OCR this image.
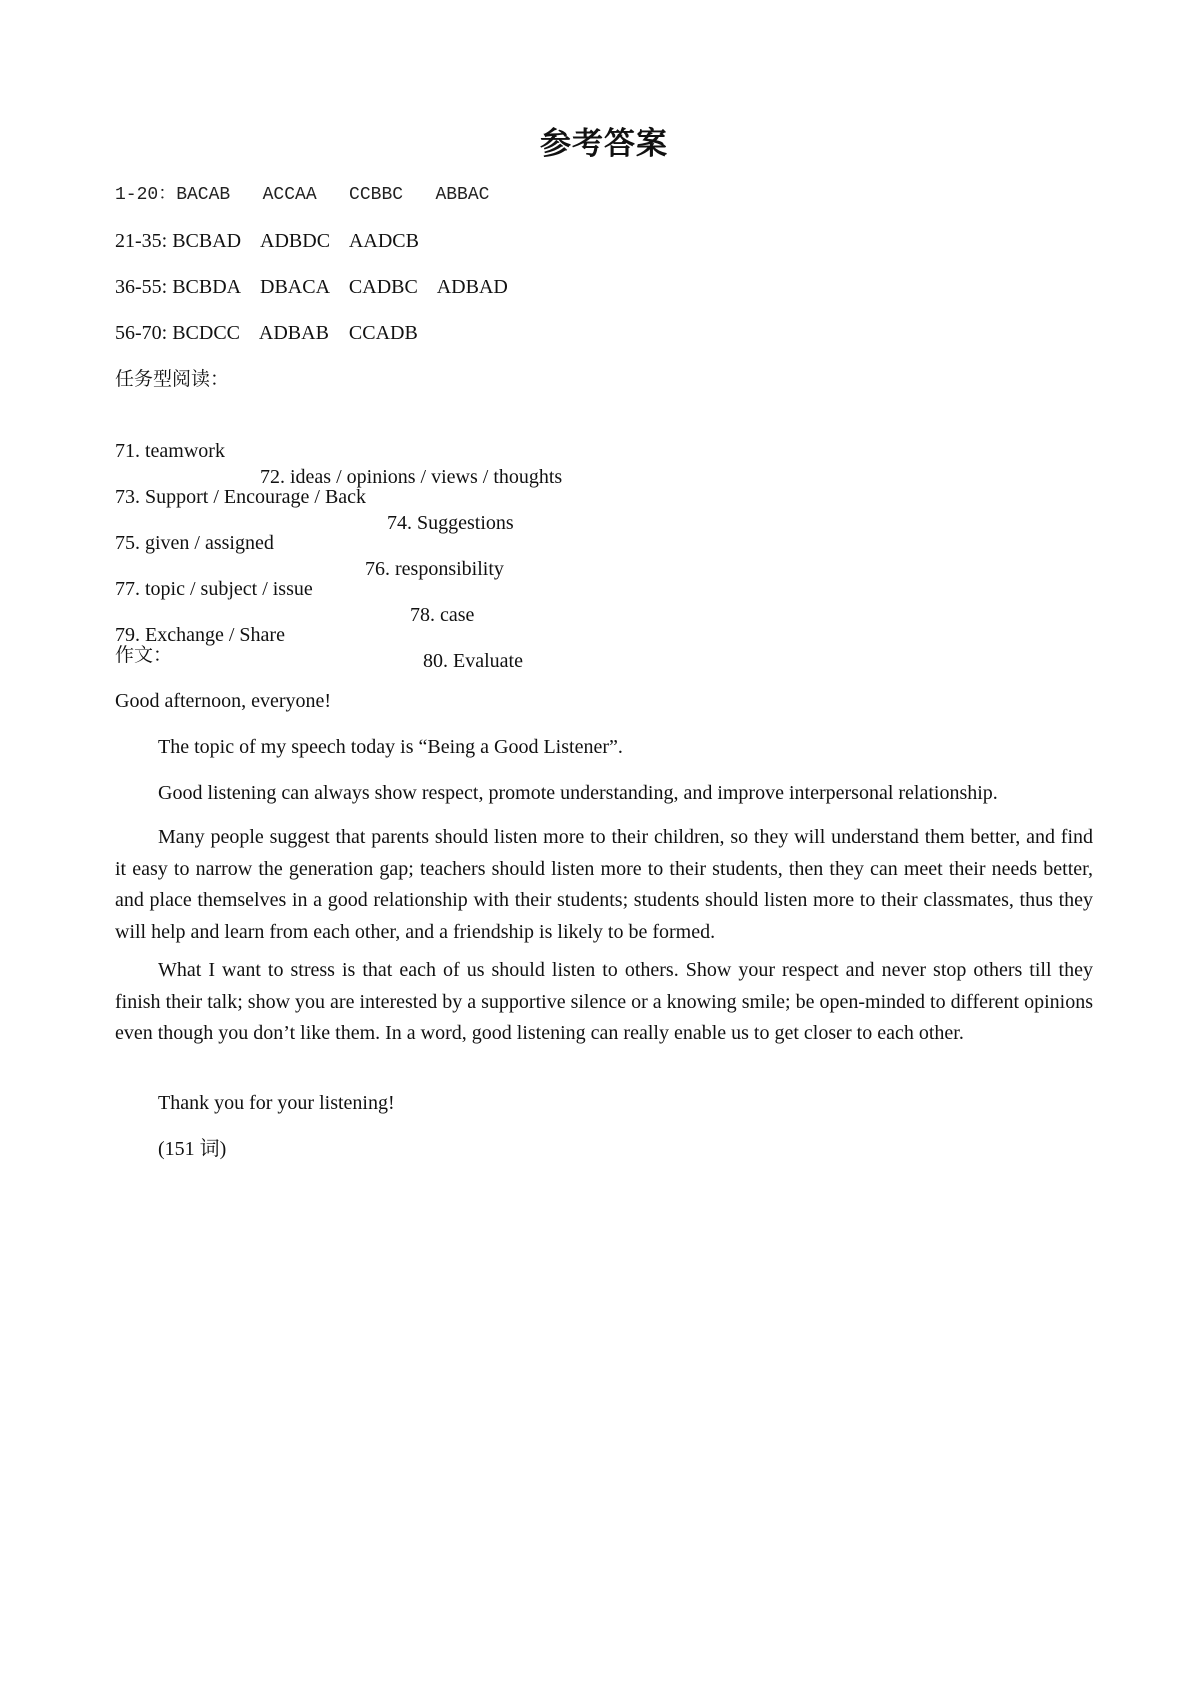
参考答案
1-20：BACAB   ACCAA   CCBBC   ABBAC
21-35: BCBAD    ADBDC    AADCB
36-55: BCBDA    DBACA    CADBC    ADBAD
56-70: BCDCC    ADBAB    CCADB
任务型阅读：

71. teamwork

72. ideas / opinions / views / thoughts

73. Support / Encourage / Back

74. Suggestions

75. given / assigned

76. responsibility

77. topic / subject / issue

78. case

79. Exchange / Share

80. Evaluate

作文：
Good afternoon, everyone!
The topic of my speech today is “Being a Good Listener”.
Good listening can always show respect, promote understanding, and improve interpersonal relationship.
Many people suggest that parents should listen more to their children, so they will understand them better, and find it easy to narrow the generation gap; teachers should listen more to their students, then they can meet their needs better, and place themselves in a good relationship with their students; students should listen more to their classmates, thus they will help and learn from each other, and a friendship is likely to be formed.
What I want to stress is that each of us should listen to others. Show your respect and never stop others till they finish their talk; show you are interested by a supportive silence or a knowing smile; be open-minded to different opinions even though you don’t like them. In a word, good listening can really enable us to get closer to each other.
Thank you for your listening!
(151 词)
